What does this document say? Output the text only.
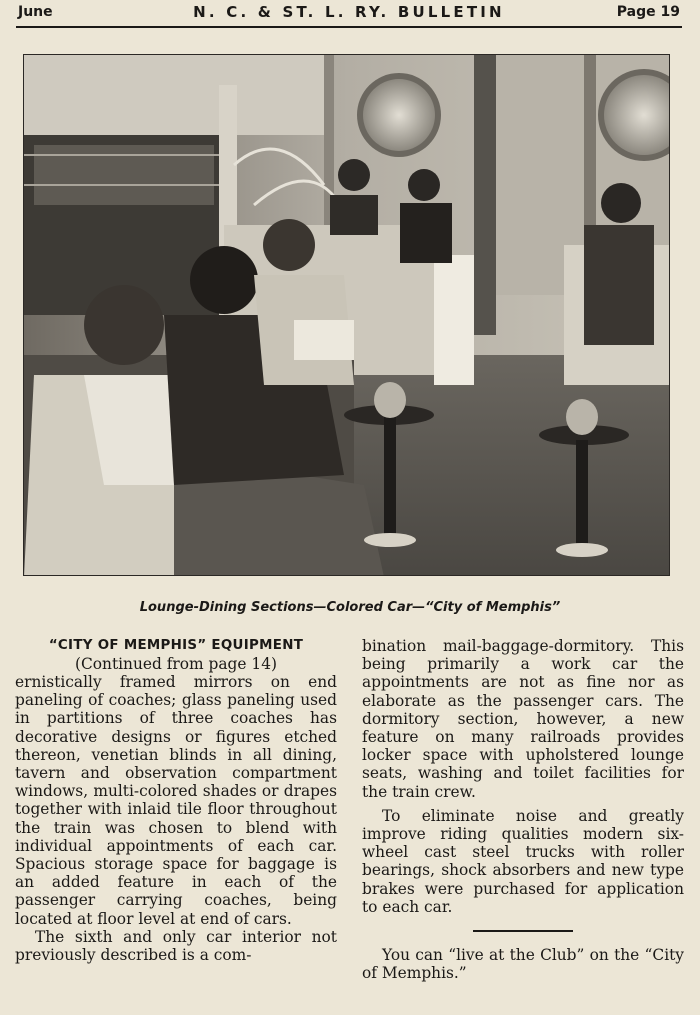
June	N. C. & ST. L. RY. BULLETIN	Page 19
Lounge-Dining Sections—Colored Car—“City of Memphis”
“CITY OF MEMPHIS” EQUIPMENT
(Continued from page 14)

ernistically framed mirrors on end paneling of coaches; glass paneling used in partitions of three coaches has decorative designs or figures etched thereon, venetian blinds in all dining, tavern and observation compartment windows, multi-colored shades or drapes together with inlaid tile floor throughout the train was chosen to blend with individual appointments of each car. Spacious storage space for baggage is an added feature in each of the passenger carrying coaches, being located at floor level at end of cars.

The sixth and only car interior not previously described is a com-

bination mail-baggage-dormitory. This being primarily a work car the appointments are not as fine nor as elaborate as the passenger cars. The dormitory section, however, a new feature on many railroads provides locker space with upholstered lounge seats, washing and toilet facilities for the train crew.

To eliminate noise and greatly improve riding qualities modern six-wheel cast steel trucks with roller bearings, shock absorbers and new type brakes were purchased for application to each car.

You can “live at the Club” on the “City of Memphis.”
